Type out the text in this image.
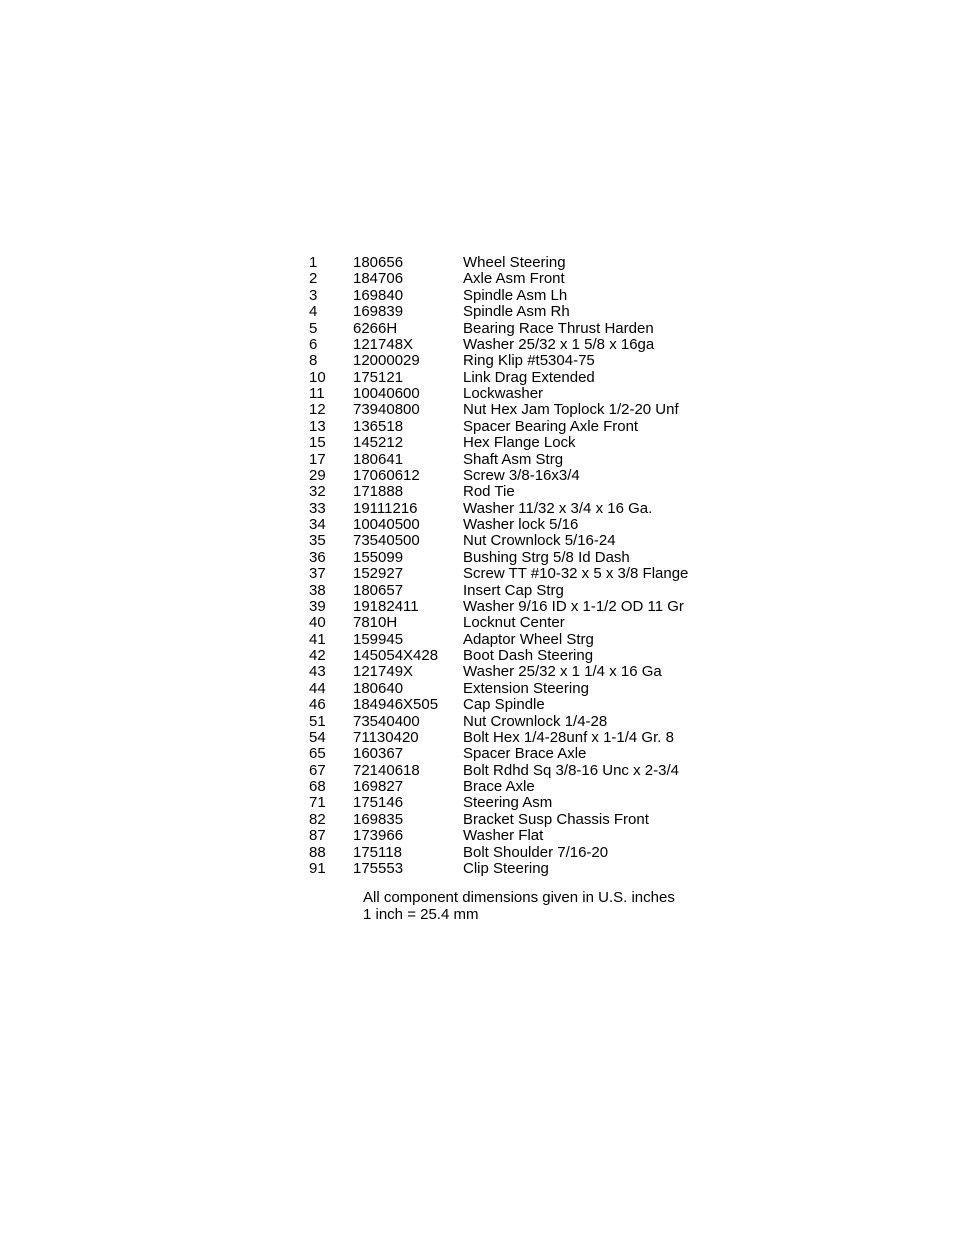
1 180656	Wheel Steering
2 184706	Axle Asm Front
3 169840	Spindle Asm Lh
4 169839	Spindle Asm Rh
5 6266H	Bearing Race Thrust Harden
6 121748X	Washer 25/32 x 1 5/8 x 16ga
8 12000029	Ring Klip #t5304-75
10 175121	Link Drag Extended
11 10040600	Lockwasher
12 73940800	Nut Hex Jam Toplock 1/2-20 Unf
13 136518	Spacer Bearing Axle Front
15 145212	Hex Flange Lock
17 180641	Shaft Asm Strg
29 17060612	Screw 3/8-16x3/4
32 171888	Rod Tie
33 19111216	Washer 11/32 x 3/4 x 16 Ga.
34 10040500	Washer lock 5/16
35 73540500	Nut Crownlock 5/16-24
36 155099	Bushing Strg 5/8 Id Dash
37 152927	Screw TT #10-32 x 5 x 3/8 Flange
38 180657	Insert Cap Strg
39 19182411	Washer 9/16 ID x 1-1/2 OD 11 Gr
40 7810H	Locknut Center
41 159945	Adaptor Wheel Strg
42 145054X428 Boot Dash Steering
43 121749X	Washer 25/32 x 1 1/4 x 16 Ga
44 180640	Extension Steering
46 184946X505 Cap Spindle
51 73540400	Nut Crownlock 1/4-28
54 71130420	Bolt Hex 1/4-28unf x 1-1/4 Gr. 8
65 160367	Spacer Brace Axle
67 72140618	Bolt Rdhd Sq 3/8-16 Unc x 2-3/4
68 169827	Brace Axle
71 175146	Steering Asm
82 169835	Bracket Susp Chassis Front
87 173966	Washer Flat
88 175118	Bolt Shoulder 7/16-20
91 175553	Clip Steering
All component dimensions given in U.S. inches
1 inch = 25.4 mm
